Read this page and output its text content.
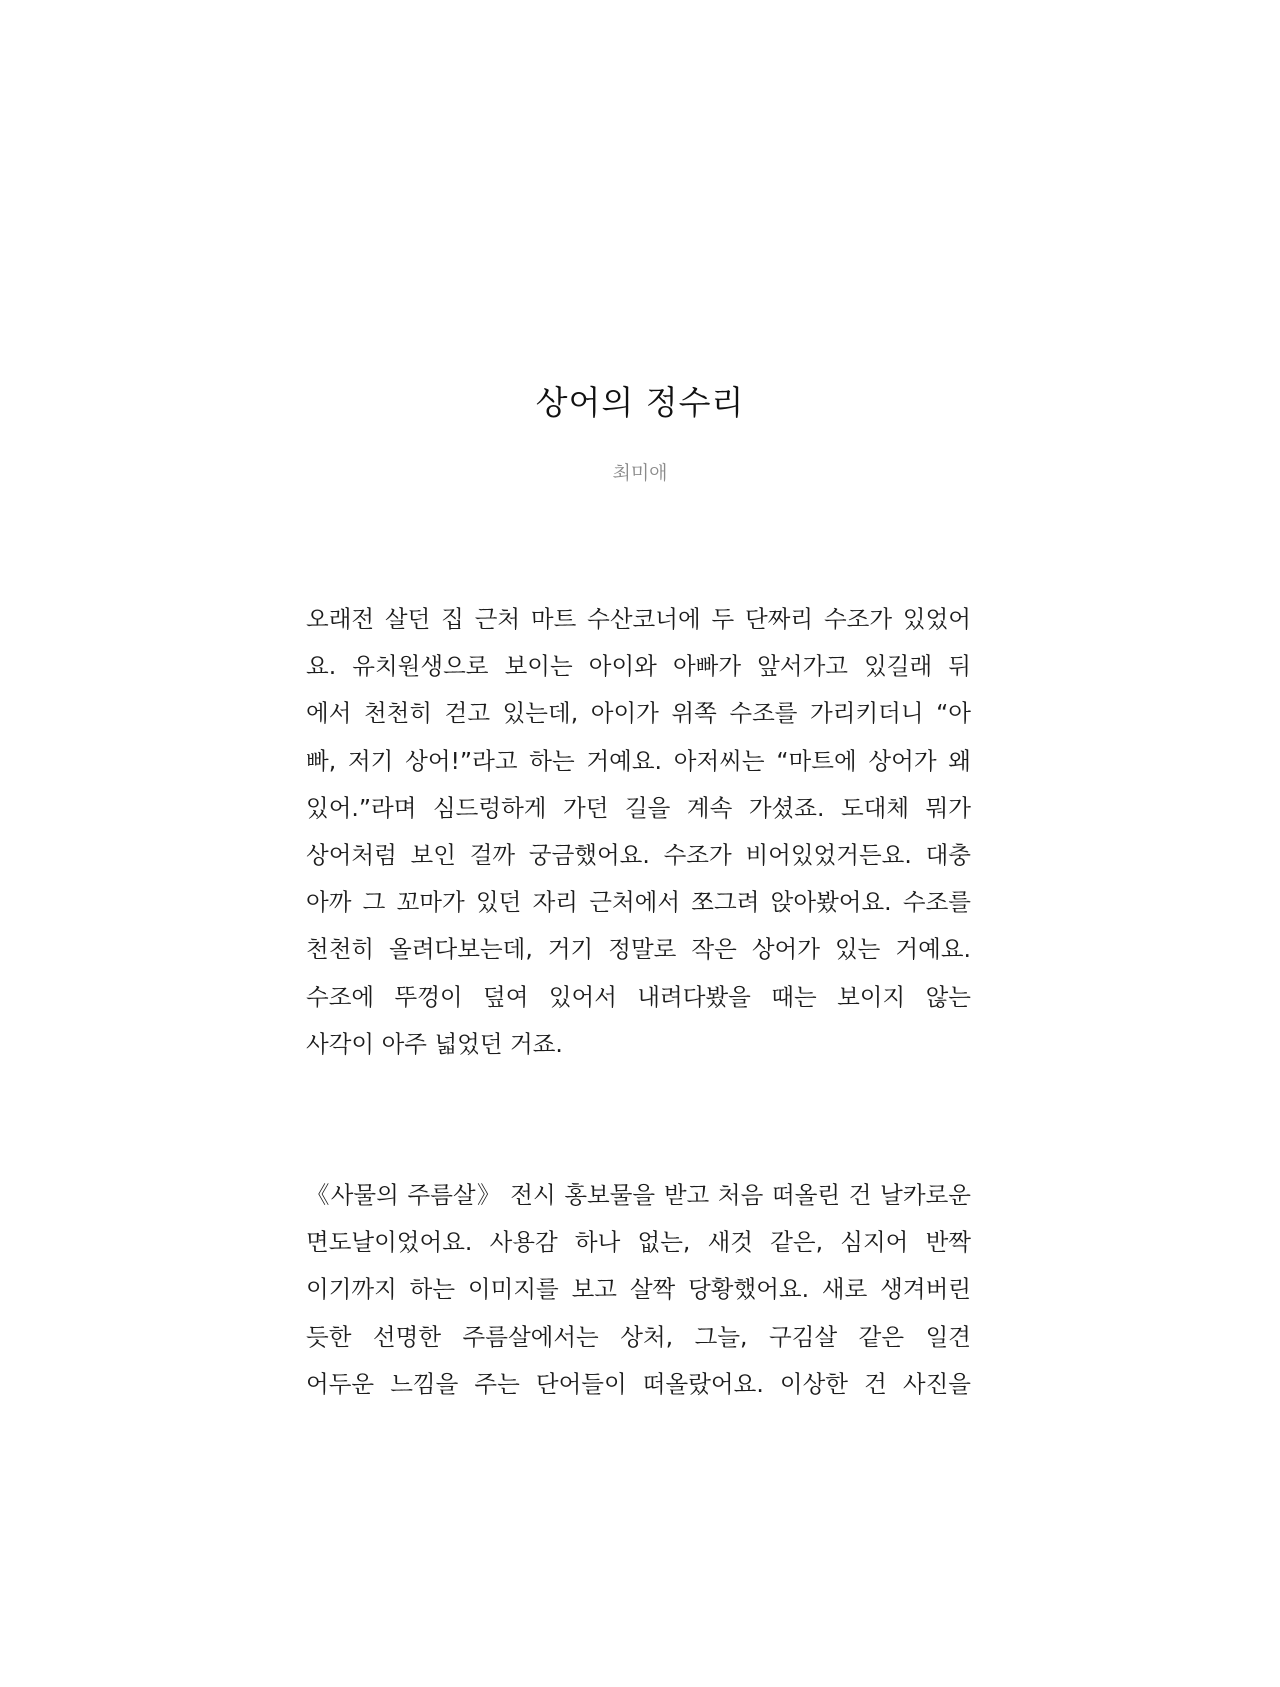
상어의 정수리
최미애

오래전 살던 집 근처 마트 수산코너에 두 단짜리 수조가 있었어
요. 유치원생으로 보이는 아이와 아빠가 앞서가고 있길래 뒤
에서 천천히 걷고 있는데, 아이가 위쪽 수조를 가리키더니 “아
빠, 저기 상어!”라고 하는 거예요. 아저씨는 “마트에 상어가 왜
있어.”라며 심드렁하게 가던 길을 계속 가셨죠. 도대체 뭐가
상어처럼 보인 걸까 궁금했어요. 수조가 비어있었거든요. 대충
아까 그 꼬마가 있던 자리 근처에서 쪼그려 앉아봤어요. 수조를
천천히 올려다보는데, 거기 정말로 작은 상어가 있는 거예요.
수조에 뚜껑이 덮여 있어서 내려다봤을 때는 보이지 않는
사각이 아주 넓었던 거죠.

《사물의 주름살》 전시 홍보물을 받고 처음 떠올린 건 날카로운
면도날이었어요. 사용감 하나 없는, 새것 같은, 심지어 반짝
이기까지 하는 이미지를 보고 살짝 당황했어요. 새로 생겨버린
듯한 선명한 주름살에서는 상처, 그늘, 구김살 같은 일견
어두운 느낌을 주는 단어들이 떠올랐어요. 이상한 건 사진을
